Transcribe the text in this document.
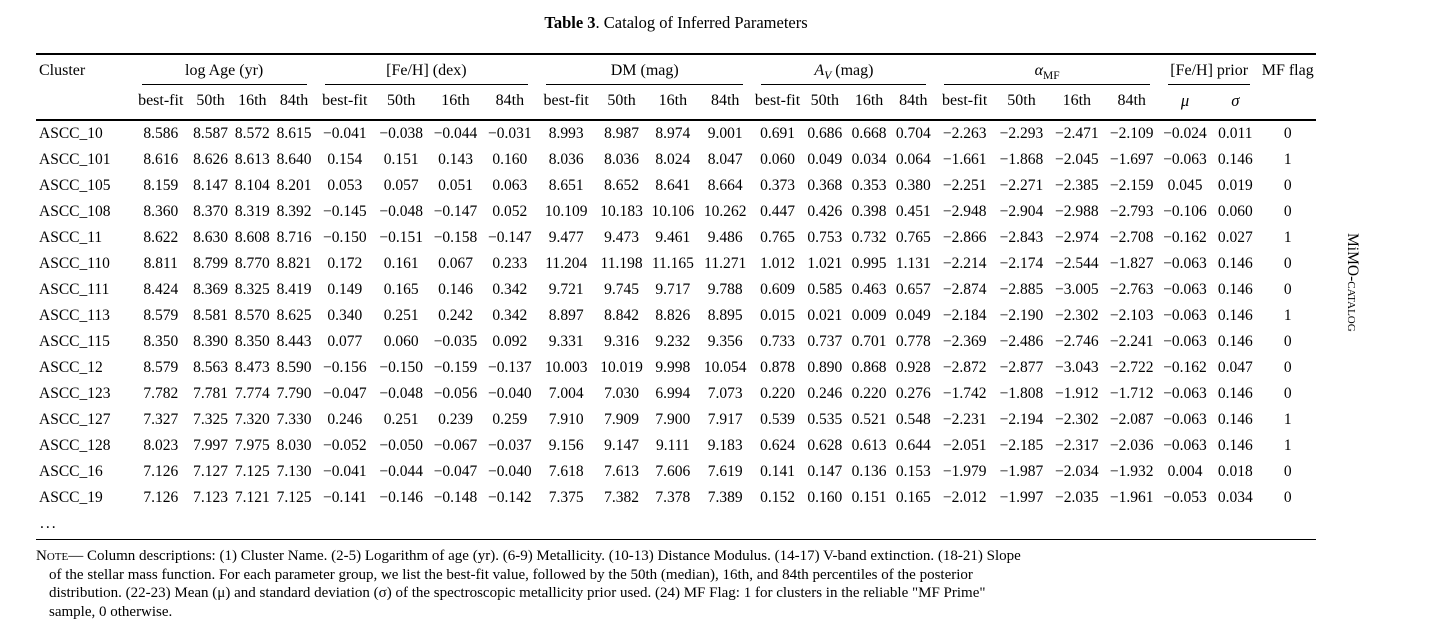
Table 3. Catalog of Inferred Parameters
Cluster	log Age (yr)				[Fe/H] (dex)				DM (mag)				$A_V$ (mag)				$\alpha_{MF}$				[Fe/H] prior		MF flag
	best-fit	50th	16th	84th	best-fit	50th	16th	84th	best-fit	50th	16th	84th	best-fit	50th	16th	84th	best-fit	50th	16th	84th	μ	σ	
ASCC_10	8.586	8.587	8.572	8.615	−0.041	−0.038	−0.044	−0.031	8.993	8.987	8.974	9.001	0.691	0.686	0.668	0.704	−2.263	−2.293	−2.471	−2.109	−0.024	0.011	0
ASCC_101	8.616	8.626	8.613	8.640	0.154	0.151	0.143	0.160	8.036	8.036	8.024	8.047	0.060	0.049	0.034	0.064	−1.661	−1.868	−2.045	−1.697	−0.063	0.146	1
ASCC_105	8.159	8.147	8.104	8.201	0.053	0.057	0.051	0.063	8.651	8.652	8.641	8.664	0.373	0.368	0.353	0.380	−2.251	−2.271	−2.385	−2.159	0.045	0.019	0
ASCC_108	8.360	8.370	8.319	8.392	−0.145	−0.048	−0.147	0.052	10.109	10.183	10.106	10.262	0.447	0.426	0.398	0.451	−2.948	−2.904	−2.988	−2.793	−0.106	0.060	0
ASCC_11	8.622	8.630	8.608	8.716	−0.150	−0.151	−0.158	−0.147	9.477	9.473	9.461	9.486	0.765	0.753	0.732	0.765	−2.866	−2.843	−2.974	−2.708	−0.162	0.027	1
ASCC_110	8.811	8.799	8.770	8.821	0.172	0.161	0.067	0.233	11.204	11.198	11.165	11.271	1.012	1.021	0.995	1.131	−2.214	−2.174	−2.544	−1.827	−0.063	0.146	0
ASCC_111	8.424	8.369	8.325	8.419	0.149	0.165	0.146	0.342	9.721	9.745	9.717	9.788	0.609	0.585	0.463	0.657	−2.874	−2.885	−3.005	−2.763	−0.063	0.146	0
ASCC_113	8.579	8.581	8.570	8.625	0.340	0.251	0.242	0.342	8.897	8.842	8.826	8.895	0.015	0.021	0.009	0.049	−2.184	−2.190	−2.302	−2.103	−0.063	0.146	1
ASCC_115	8.350	8.390	8.350	8.443	0.077	0.060	−0.035	0.092	9.331	9.316	9.232	9.356	0.733	0.737	0.701	0.778	−2.369	−2.486	−2.746	−2.241	−0.063	0.146	0
ASCC_12	8.579	8.563	8.473	8.590	−0.156	−0.150	−0.159	−0.137	10.003	10.019	9.998	10.054	0.878	0.890	0.868	0.928	−2.872	−2.877	−3.043	−2.722	−0.162	0.047	0
ASCC_123	7.782	7.781	7.774	7.790	−0.047	−0.048	−0.056	−0.040	7.004	7.030	6.994	7.073	0.220	0.246	0.220	0.276	−1.742	−1.808	−1.912	−1.712	−0.063	0.146	0
ASCC_127	7.327	7.325	7.320	7.330	0.246	0.251	0.239	0.259	7.910	7.909	7.900	7.917	0.539	0.535	0.521	0.548	−2.231	−2.194	−2.302	−2.087	−0.063	0.146	1
ASCC_128	8.023	7.997	7.975	8.030	−0.052	−0.050	−0.067	−0.037	9.156	9.147	9.111	9.183	0.624	0.628	0.613	0.644	−2.051	−2.185	−2.317	−2.036	−0.063	0.146	1
ASCC_16	7.126	7.127	7.125	7.130	−0.041	−0.044	−0.047	−0.040	7.618	7.613	7.606	7.619	0.141	0.147	0.136	0.153	−1.979	−1.987	−2.034	−1.932	0.004	0.018	0
ASCC_19	7.126	7.123	7.121	7.125	−0.141	−0.146	−0.148	−0.142	7.375	7.382	7.378	7.389	0.152	0.160	0.151	0.165	−2.012	−1.997	−2.035	−1.961	−0.053	0.034	0
...																							

Note— Column descriptions: (1) Cluster Name. (2-5) Logarithm of age (yr). (6-9) Metallicity. (10-13) Distance Modulus. (14-17) V-band extinction. (18-21) Slope of the stellar mass function. For each parameter group, we list the best-fit value, followed by the 50th (median), 16th, and 84th percentiles of the posterior distribution. (22-23) Mean (μ) and standard deviation (σ) of the spectroscopic metallicity prior used. (24) MF Flag: 1 for clusters in the reliable "MF Prime" sample, 0 otherwise.

MiMO-catalog
